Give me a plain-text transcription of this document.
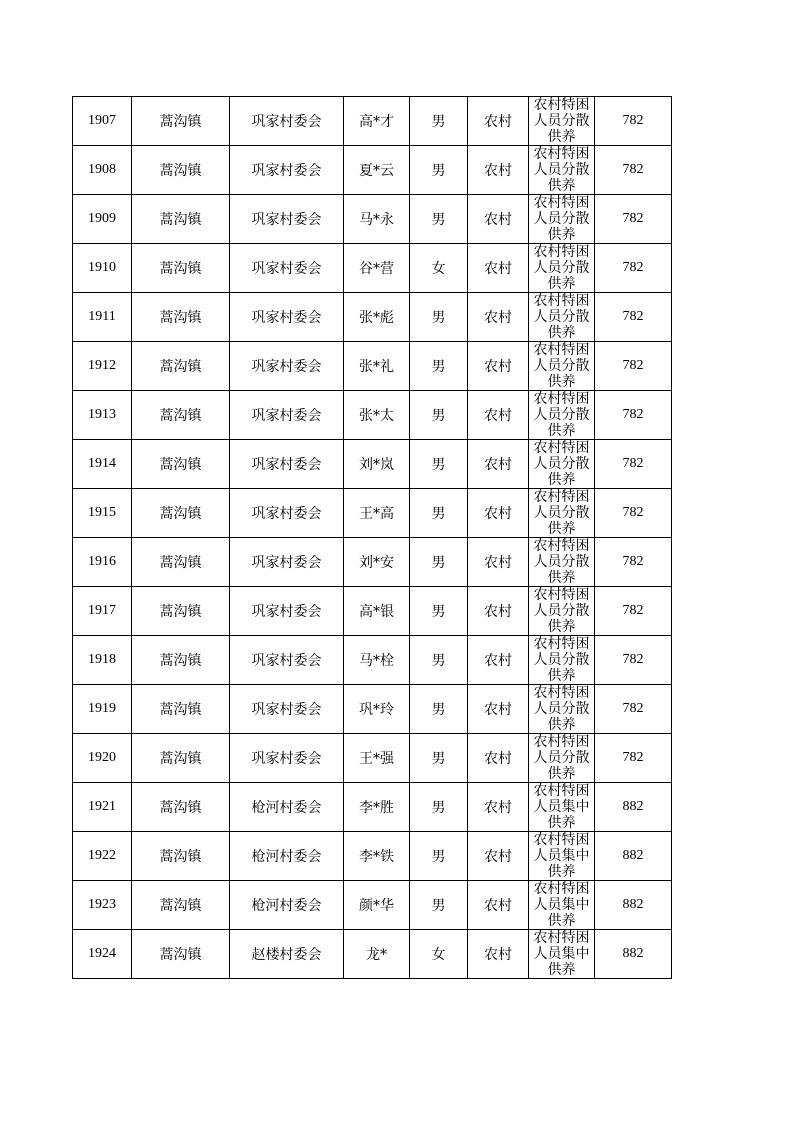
1907	蒿沟镇	巩家村委会	高*才	男	农村	农村特困人员分散供养	782
1908	蒿沟镇	巩家村委会	夏*云	男	农村	农村特困人员分散供养	782
1909	蒿沟镇	巩家村委会	马*永	男	农村	农村特困人员分散供养	782
1910	蒿沟镇	巩家村委会	谷*营	女	农村	农村特困人员分散供养	782
1911	蒿沟镇	巩家村委会	张*彪	男	农村	农村特困人员分散供养	782
1912	蒿沟镇	巩家村委会	张*礼	男	农村	农村特困人员分散供养	782
1913	蒿沟镇	巩家村委会	张*太	男	农村	农村特困人员分散供养	782
1914	蒿沟镇	巩家村委会	刘*岚	男	农村	农村特困人员分散供养	782
1915	蒿沟镇	巩家村委会	王*高	男	农村	农村特困人员分散供养	782
1916	蒿沟镇	巩家村委会	刘*安	男	农村	农村特困人员分散供养	782
1917	蒿沟镇	巩家村委会	高*银	男	农村	农村特困人员分散供养	782
1918	蒿沟镇	巩家村委会	马*栓	男	农村	农村特困人员分散供养	782
1919	蒿沟镇	巩家村委会	巩*玲	男	农村	农村特困人员分散供养	782
1920	蒿沟镇	巩家村委会	王*强	男	农村	农村特困人员分散供养	782
1921	蒿沟镇	枪河村委会	李*胜	男	农村	农村特困人员集中供养	882
1922	蒿沟镇	枪河村委会	李*铁	男	农村	农村特困人员集中供养	882
1923	蒿沟镇	枪河村委会	颜*华	男	农村	农村特困人员集中供养	882
1924	蒿沟镇	赵楼村委会	龙*	女	农村	农村特困人员集中供养	882
